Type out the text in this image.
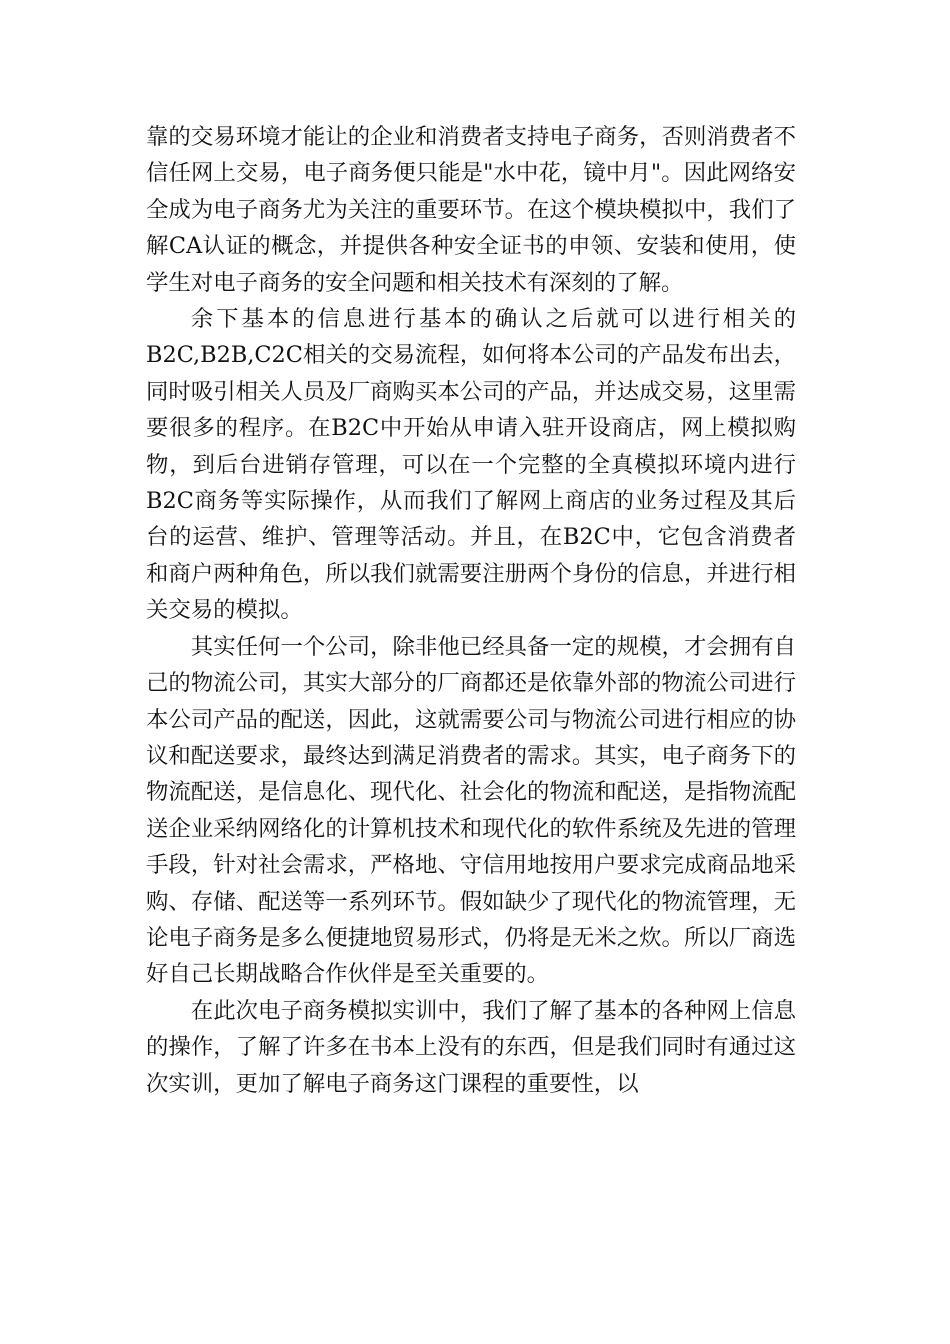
靠的交易环境才能让的企业和消费者支持电子商务，否则消费者不信任网上交易，电子商务便只能是"水中花，镜中月"。因此网络安全成为电子商务尤为关注的重要环节。在这个模块模拟中，我们了解CA认证的概念，并提供各种安全证书的申领、安装和使用，使学生对电子商务的安全问题和相关技术有深刻的了解。

余下基本的信息进行基本的确认之后就可以进行相关的B2C,B2B,C2C相关的交易流程，如何将本公司的产品发布出去，同时吸引相关人员及厂商购买本公司的产品，并达成交易，这里需要很多的程序。在B2C中开始从申请入驻开设商店，网上模拟购物，到后台进销存管理，可以在一个完整的全真模拟环境内进行B2C商务等实际操作，从而我们了解网上商店的业务过程及其后台的运营、维护、管理等活动。并且，在B2C中，它包含消费者和商户两种角色，所以我们就需要注册两个身份的信息，并进行相关交易的模拟。

其实任何一个公司，除非他已经具备一定的规模，才会拥有自己的物流公司，其实大部分的厂商都还是依靠外部的物流公司进行本公司产品的配送，因此，这就需要公司与物流公司进行相应的协议和配送要求，最终达到满足消费者的需求。其实，电子商务下的物流配送，是信息化、现代化、社会化的物流和配送，是指物流配送企业采纳网络化的计算机技术和现代化的软件系统及先进的管理手段，针对社会需求，严格地、守信用地按用户要求完成商品地采购、存储、配送等一系列环节。假如缺少了现代化的物流管理，无论电子商务是多么便捷地贸易形式，仍将是无米之炊。所以厂商选好自己长期战略合作伙伴是至关重要的。

在此次电子商务模拟实训中，我们了解了基本的各种网上信息的操作，了解了许多在书本上没有的东西，但是我们同时有通过这次实训，更加了解电子商务这门课程的重要性，以
